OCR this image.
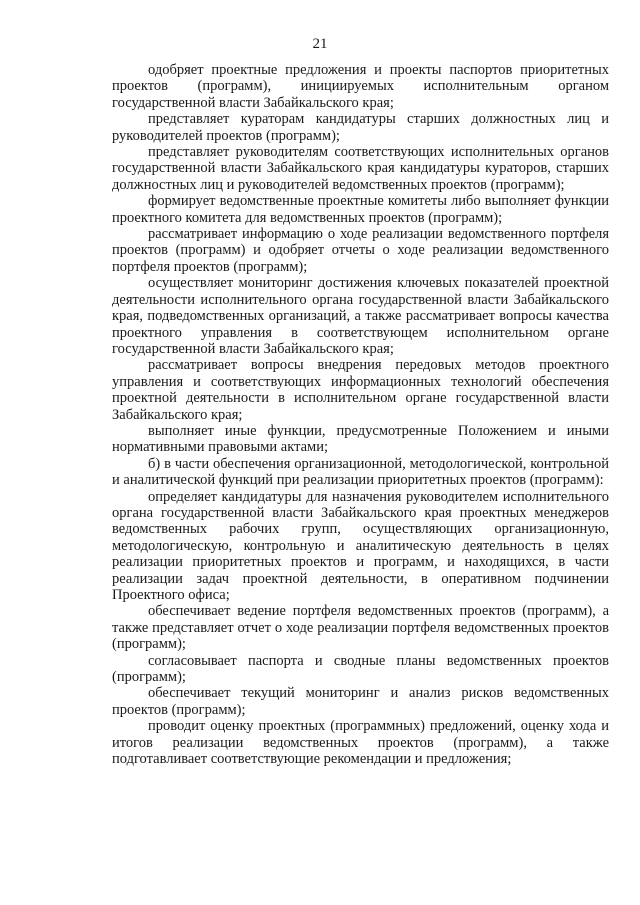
21

одобряет проектные предложения и проекты паспортов приоритетных проектов (программ), инициируемых исполнительным органом государственной власти Забайкальского края;

представляет кураторам кандидатуры старших должностных лиц и руководителей проектов (программ);

представляет руководителям соответствующих исполнительных органов государственной власти Забайкальского края кандидатуры кураторов, старших должностных лиц и руководителей ведомственных проектов (программ);

формирует ведомственные проектные комитеты либо выполняет функции проектного комитета для ведомственных проектов (программ);

рассматривает информацию о ходе реализации ведомственного портфеля проектов (программ) и одобряет отчеты о ходе реализации ведомственного портфеля проектов (программ);

осуществляет мониторинг достижения ключевых показателей проектной деятельности исполнительного органа государственной власти Забайкальского края, подведомственных организаций, а также рассматривает вопросы качества проектного управления в соответствующем исполнительном органе государственной власти Забайкальского края;

рассматривает вопросы внедрения передовых методов проектного управления и соответствующих информационных технологий обеспечения проектной деятельности в исполнительном органе государственной власти Забайкальского края;

выполняет иные функции, предусмотренные Положением и иными нормативными правовыми актами;

б) в части обеспечения организационной, методологической, контрольной и аналитической функций при реализации приоритетных проектов (программ):

определяет кандидатуры для назначения руководителем исполнительного органа государственной власти Забайкальского края проектных менеджеров ведомственных рабочих групп, осуществляющих организационную, методологическую, контрольную и аналитическую деятельность в целях реализации приоритетных проектов и программ, и находящихся, в части реализации задач проектной деятельности, в оперативном подчинении Проектного офиса;

обеспечивает ведение портфеля ведомственных проектов (программ), а также представляет отчет о ходе реализации портфеля ведомственных проектов (программ);

согласовывает паспорта и сводные планы ведомственных проектов (программ);

обеспечивает текущий мониторинг и анализ рисков ведомственных проектов (программ);

проводит оценку проектных (программных) предложений, оценку хода и итогов реализации ведомственных проектов (программ), а также подготавливает соответствующие рекомендации и предложения;
